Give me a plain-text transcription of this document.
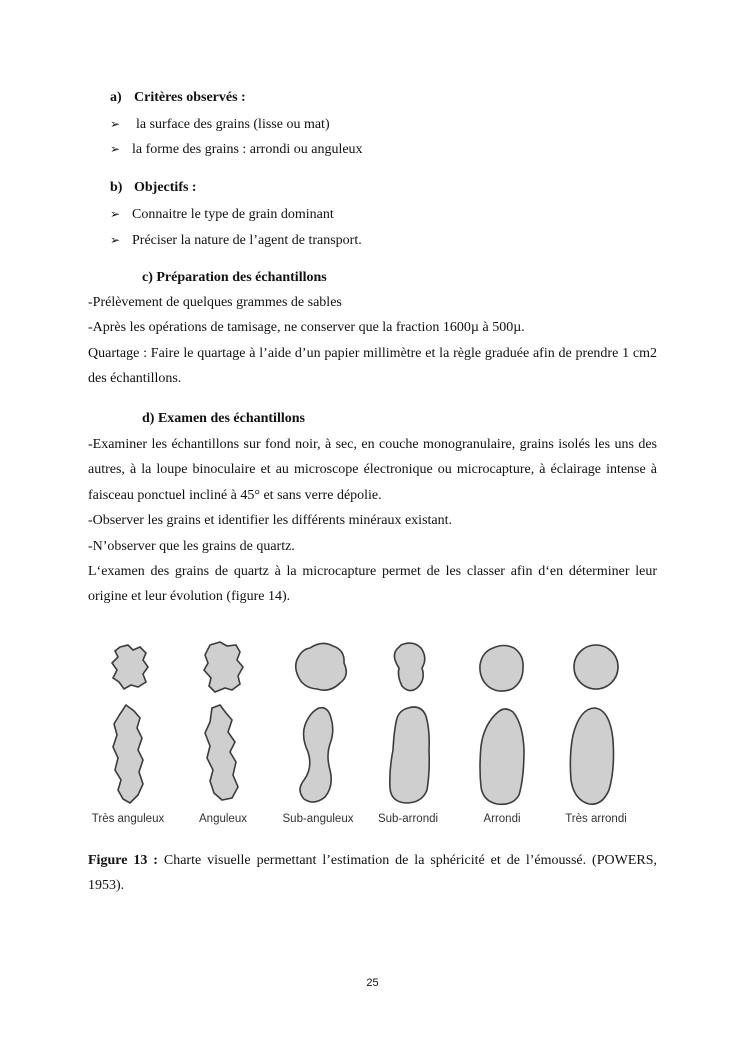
a) Critères observés :
➢ la surface des grains (lisse ou mat)
➢ la forme des grains : arrondi ou anguleux
b) Objectifs :
➢ Connaitre le type de grain dominant
➢ Préciser la nature de l’agent de transport.
c) Préparation des échantillons
-Prélèvement de quelques grammes de sables
-Après les opérations de tamisage, ne conserver que la fraction 1600µ à 500µ.
Quartage : Faire le quartage à l’aide d’un papier millimètre et la règle graduée afin de prendre 1 cm2 des échantillons.
d) Examen des échantillons
-Examiner les échantillons sur fond noir, à sec, en couche monogranulaire, grains isolés les uns des autres, à la loupe binoculaire et au microscope électronique ou microcapture, à éclairage intense à faisceau ponctuel incliné à 45° et sans verre dépolie.
-Observer les grains et identifier les différents minéraux existant.
-N’observer que les grains de quartz.
L‘examen des grains de quartz à la microcapture permet de les classer afin d‘en déterminer leur origine et leur évolution (figure 14).
Très anguleux	Anguleux	Sub-anguleux Sub-arrondi	Arrondi	Très arrondi
Figure 13 : Charte visuelle permettant l’estimation de la sphéricité et de l’émoussé. (POWERS, 1953).
25
